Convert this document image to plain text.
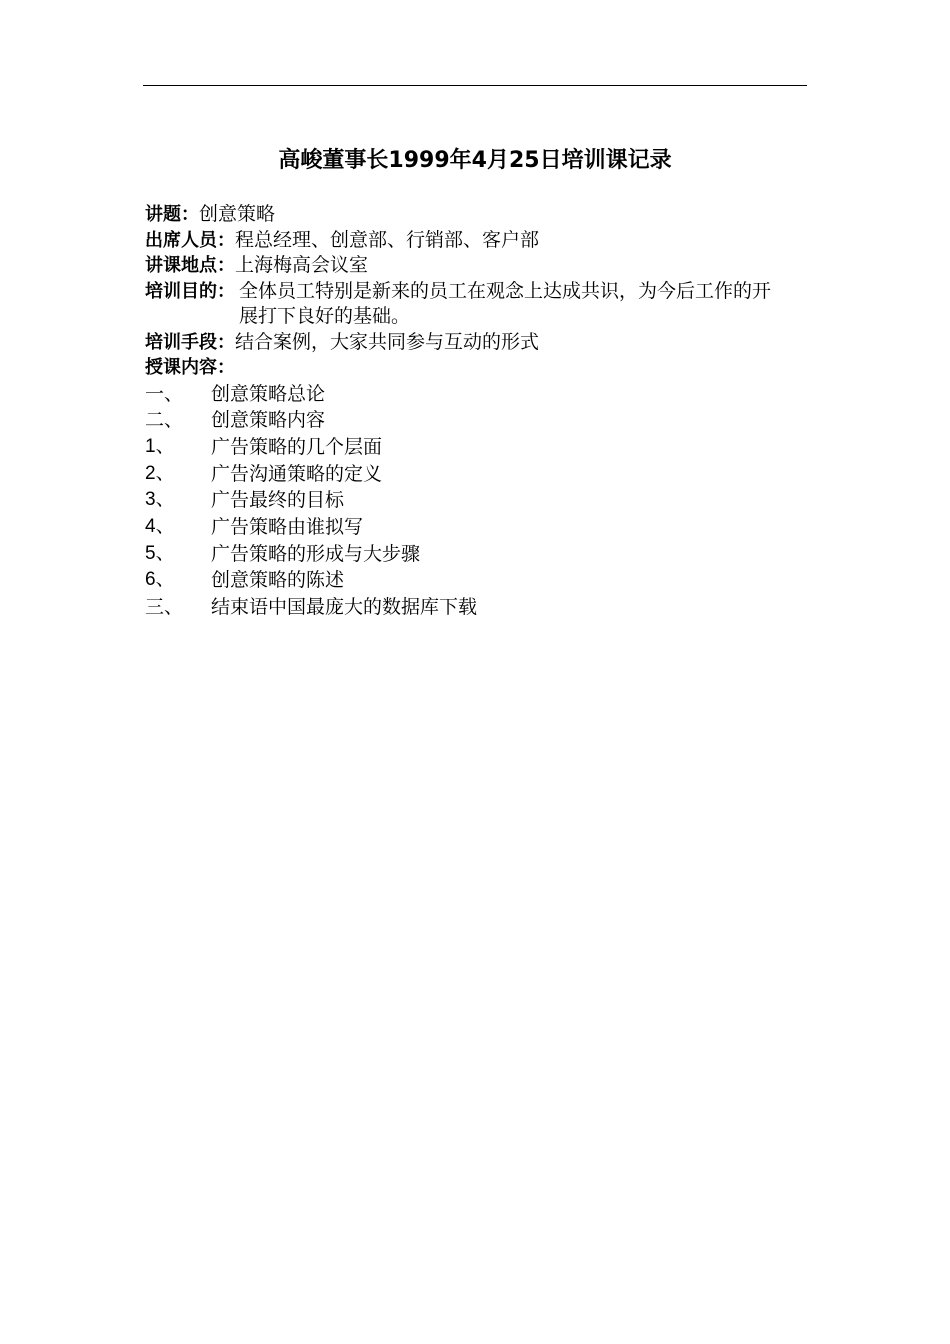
高峻董事长1999年4月25日培训课记录
讲题： 创意策略
出席人员： 程总经理、创意部、行销部、客户部
讲课地点： 上海梅高会议室
培训目的： 全体员工特别是新来的员工在观念上达成共识，为今后工作的开展打下良好的基础。
培训手段： 结合案例，大家共同参与互动的形式
授课内容：
一、	创意策略总论
二、	创意策略内容
1、	广告策略的几个层面
2、	广告沟通策略的定义
3、	广告最终的目标
4、	广告策略由谁拟写
5、	广告策略的形成与大步骤
6、	创意策略的陈述
三、	结束语中国最庞大的数据库下载
